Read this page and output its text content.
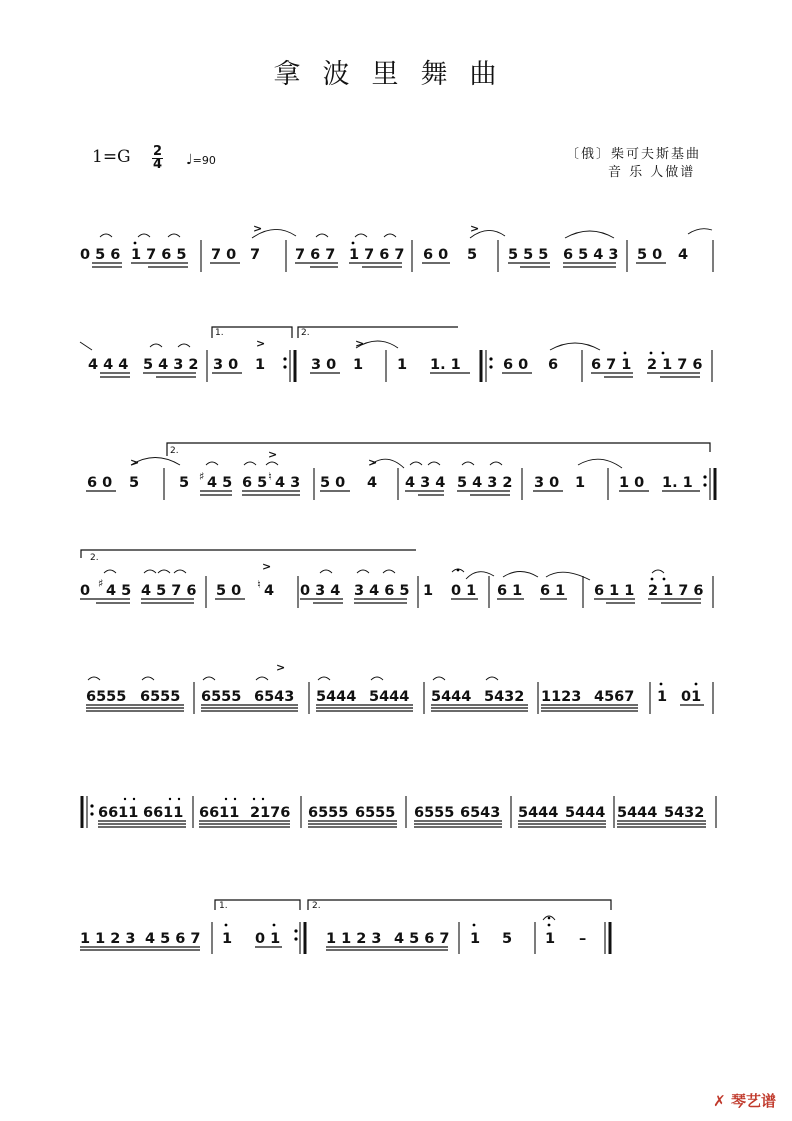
拿波里舞曲
1=G 2
4 ♩=90	〔俄〕柴可夫斯基曲
音 乐 人做谱
0 5 6 1 7 6 5 7 0 7
>
7 6 7 1 7 6 7 6 0 5
>
5 5 5 6 5 4 3 5 0 4
4 4 4 5 4 3 2
1.
3 0 1
>
2.
3 0 1
>
1 1. 1	6 0 6 6 7 1 2 1 7 6
6 0 5
>
2.
5 ♯ 4 5 6 5 ♮ 4 3
>
5 0 4
>
4 3 4 5 4 3 2 3 0 1 1 0 1. 1
2.
0 ♯ 4 5 4 5 7 6 5 0 ♮ 4
>
0 3 4 3 4 6 5 1 0 1 6 1 6 1 6 1 1 2 1 7 6
6555 6555 6555 6543
>
5444 5444 5444 5432 1123 4567 1 01
6611 6611 6611 2176 6555 6555 6555 6543 5444 5444 5444 5432
1 1 2 3 4 5 6 7
1.
1 0 1
2.
1 1 2 3 4 5 6 7 1 5 1 –
✗ 琴艺谱
